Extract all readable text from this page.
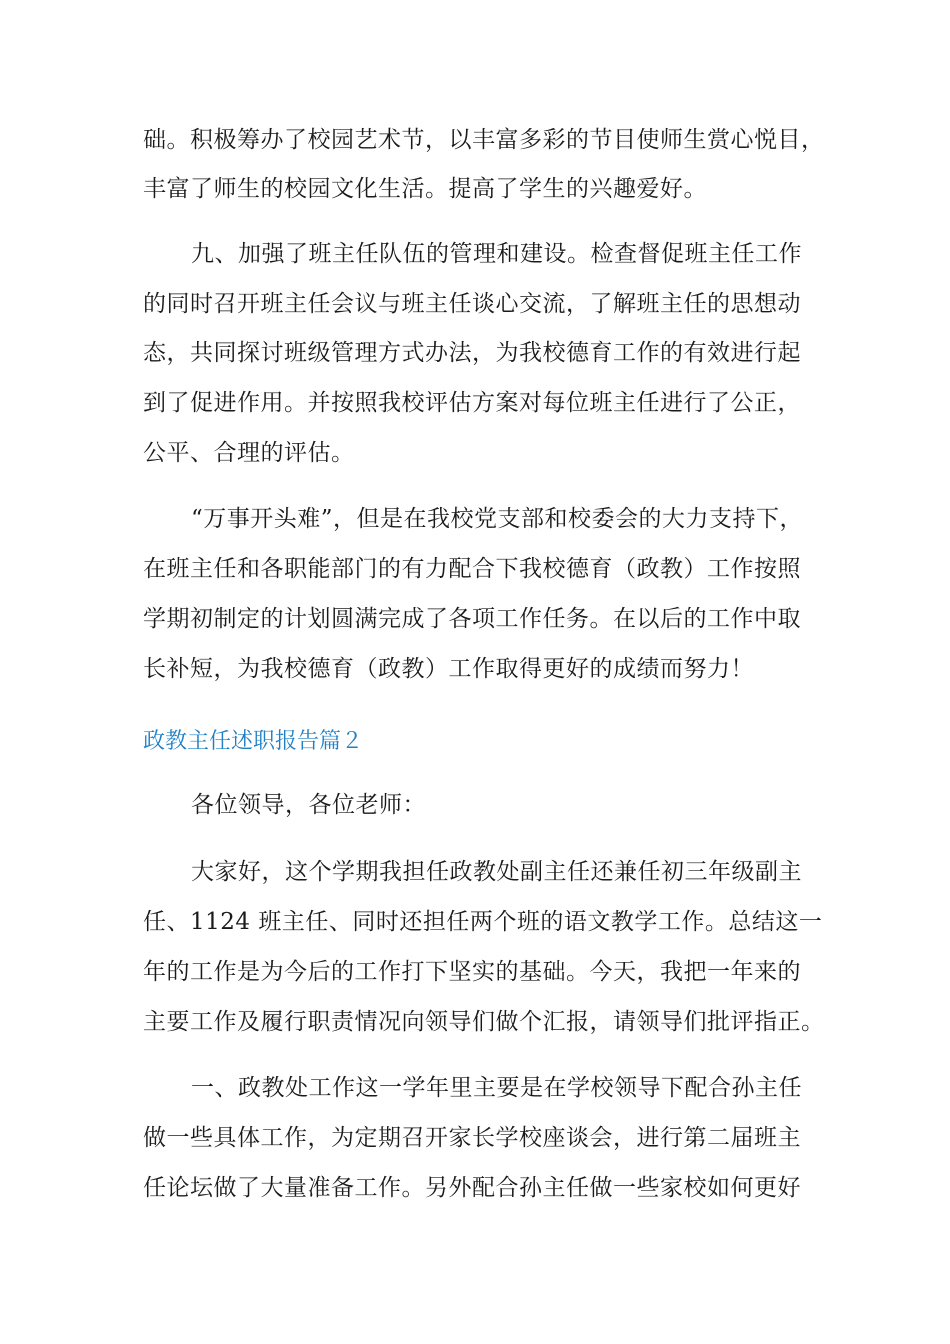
础。积极筹办了校园艺术节，以丰富多彩的节目使师生赏心悦目，
丰富了师生的校园文化生活。提高了学生的兴趣爱好。
九、加强了班主任队伍的管理和建设。检查督促班主任工作
的同时召开班主任会议与班主任谈心交流，了解班主任的思想动
态，共同探讨班级管理方式办法，为我校德育工作的有效进行起
到了促进作用。并按照我校评估方案对每位班主任进行了公正，
公平、合理的评估。
“万事开头难”，但是在我校党支部和校委会的大力支持下，
在班主任和各职能部门的有力配合下我校德育（政教）工作按照
学期初制定的计划圆满完成了各项工作任务。在以后的工作中取
长补短，为我校德育（政教）工作取得更好的成绩而努力！
政教主任述职报告篇２
各位领导，各位老师：
大家好，这个学期我担任政教处副主任还兼任初三年级副主
任、1124 班主任、同时还担任两个班的语文教学工作。总结这一
年的工作是为今后的工作打下坚实的基础。今天，我把一年来的
主要工作及履行职责情况向领导们做个汇报，请领导们批评指正。
一、政教处工作这一学年里主要是在学校领导下配合孙主任
做一些具体工作，为定期召开家长学校座谈会，进行第二届班主
任论坛做了大量准备工作。另外配合孙主任做一些家校如何更好
